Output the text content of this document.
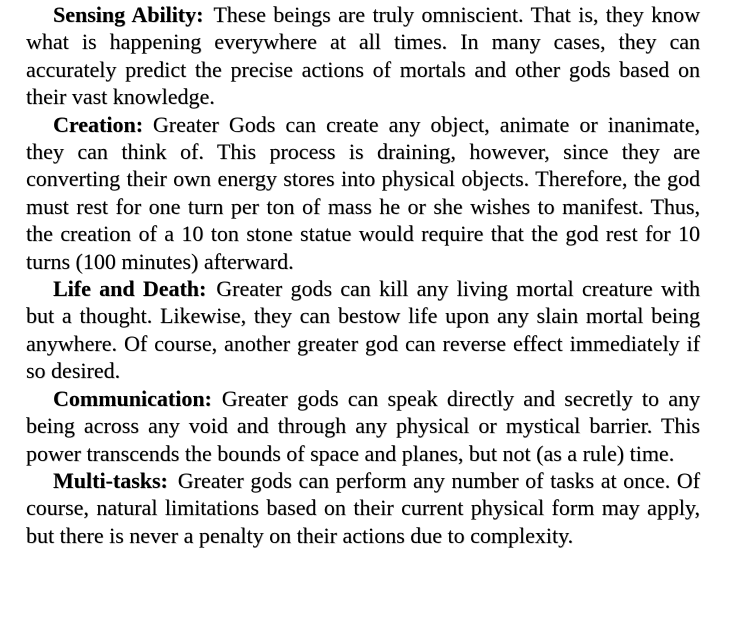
Sensing Ability: These beings are truly omniscient. That is, they know what is happening everywhere at all times. In many cases, they can accurately predict the precise actions of mortals and other gods based on their vast knowledge.

Creation: Greater Gods can create any object, animate or inanimate, they can think of. This process is draining, however, since they are converting their own energy stores into physical objects. Therefore, the god must rest for one turn per ton of mass he or she wishes to manifest. Thus, the creation of a 10 ton stone statue would require that the god rest for 10 turns (100 minutes) afterward.

Life and Death: Greater gods can kill any living mortal creature with but a thought. Likewise, they can bestow life upon any slain mortal being anywhere. Of course, another greater god can reverse effect immediately if so desired.

Communication: Greater gods can speak directly and secretly to any being across any void and through any physical or mystical barrier. This power transcends the bounds of space and planes, but not (as a rule) time.

Multi-tasks: Greater gods can perform any number of tasks at once. Of course, natural limitations based on their current physical form may apply, but there is never a penalty on their actions due to complexity.
